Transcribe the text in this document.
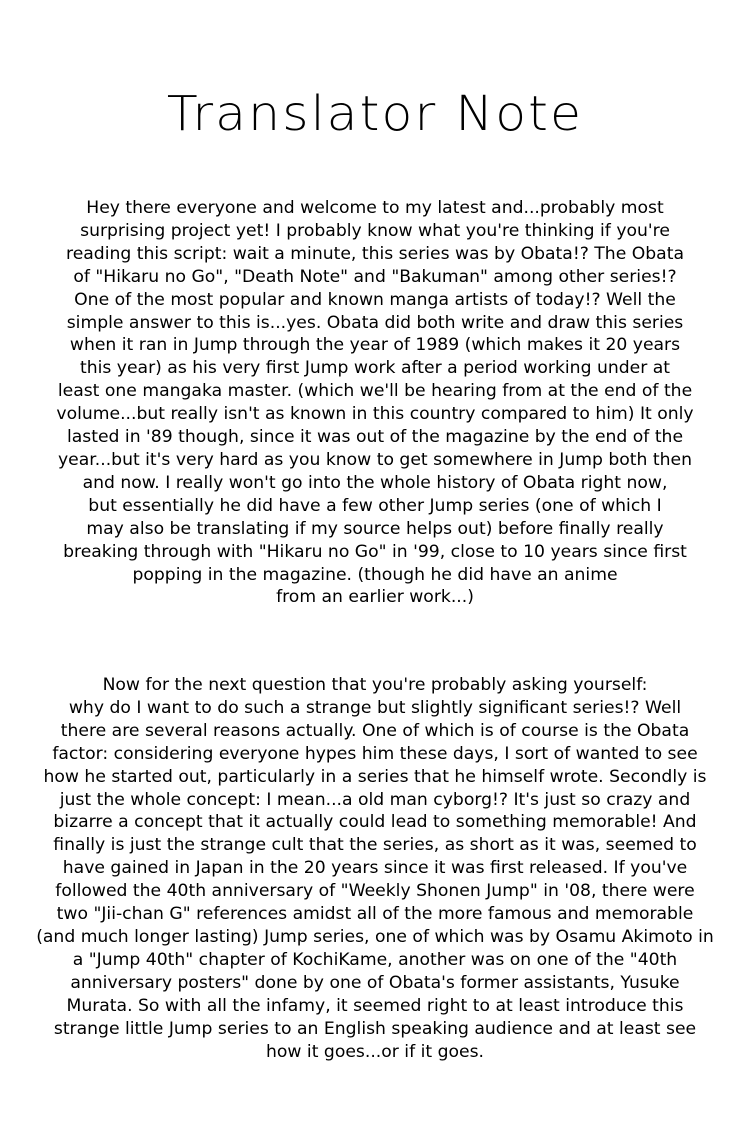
Translator Note
Hey there everyone and welcome to my latest and...probably most
surprising project yet! I probably know what you're thinking if you're
reading this script: wait a minute, this series was by Obata!? The Obata
of "Hikaru no Go", "Death Note" and "Bakuman" among other series!?
One of the most popular and known manga artists of today!? Well the
simple answer to this is...yes. Obata did both write and draw this series
when it ran in Jump through the year of 1989 (which makes it 20 years
this year) as his very first Jump work after a period working under at
least one mangaka master. (which we'll be hearing from at the end of the
volume...but really isn't as known in this country compared to him) It only
lasted in '89 though, since it was out of the magazine by the end of the
year...but it's very hard as you know to get somewhere in Jump both then
and now. I really won't go into the whole history of Obata right now,
but essentially he did have a few other Jump series (one of which I
may also be translating if my source helps out) before finally really
breaking through with "Hikaru no Go" in '99, close to 10 years since first
popping in the magazine. (though he did have an anime
from an earlier work...)
Now for the next question that you're probably asking yourself:
why do I want to do such a strange but slightly significant series!? Well
there are several reasons actually. One of which is of course is the Obata
factor: considering everyone hypes him these days, I sort of wanted to see
how he started out, particularly in a series that he himself wrote. Secondly is
just the whole concept: I mean...a old man cyborg!? It's just so crazy and
bizarre a concept that it actually could lead to something memorable! And
finally is just the strange cult that the series, as short as it was, seemed to
have gained in Japan in the 20 years since it was first released. If you've
followed the 40th anniversary of "Weekly Shonen Jump" in '08, there were
two "Jii-chan G" references amidst all of the more famous and memorable
(and much longer lasting) Jump series, one of which was by Osamu Akimoto in
a "Jump 40th" chapter of KochiKame, another was on one of the "40th
anniversary posters" done by one of Obata's former assistants, Yusuke
Murata. So with all the infamy, it seemed right to at least introduce this
strange little Jump series to an English speaking audience and at least see
how it goes...or if it goes.
